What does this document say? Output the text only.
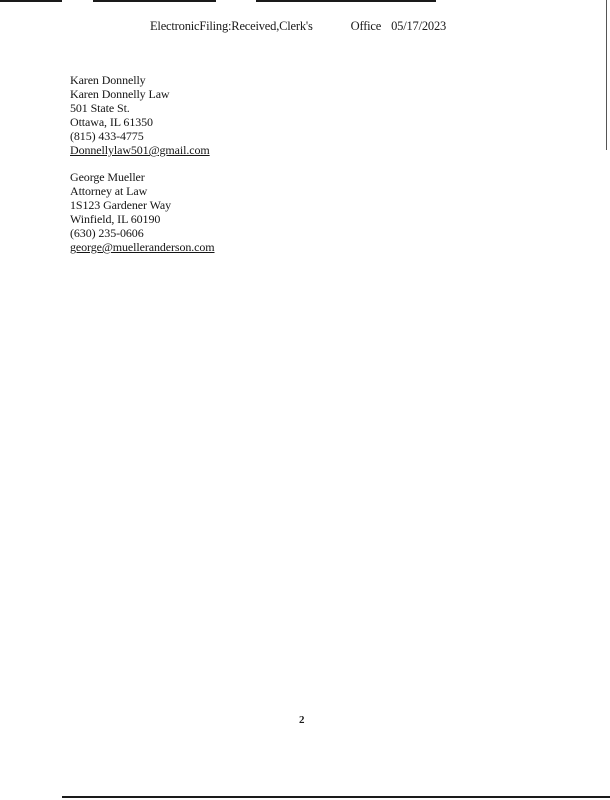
ElectronicFiling:Received,Clerk's	Office 05/17/2023
Karen Donnelly
Karen Donnelly Law
501 State St.
Ottawa, IL 61350
(815) 433-4775
Donnellylaw501@gmail.com
George Mueller
Attorney at Law
1S123 Gardener Way
Winfield, IL 60190
(630) 235-0606
george@muelleranderson.com
2
